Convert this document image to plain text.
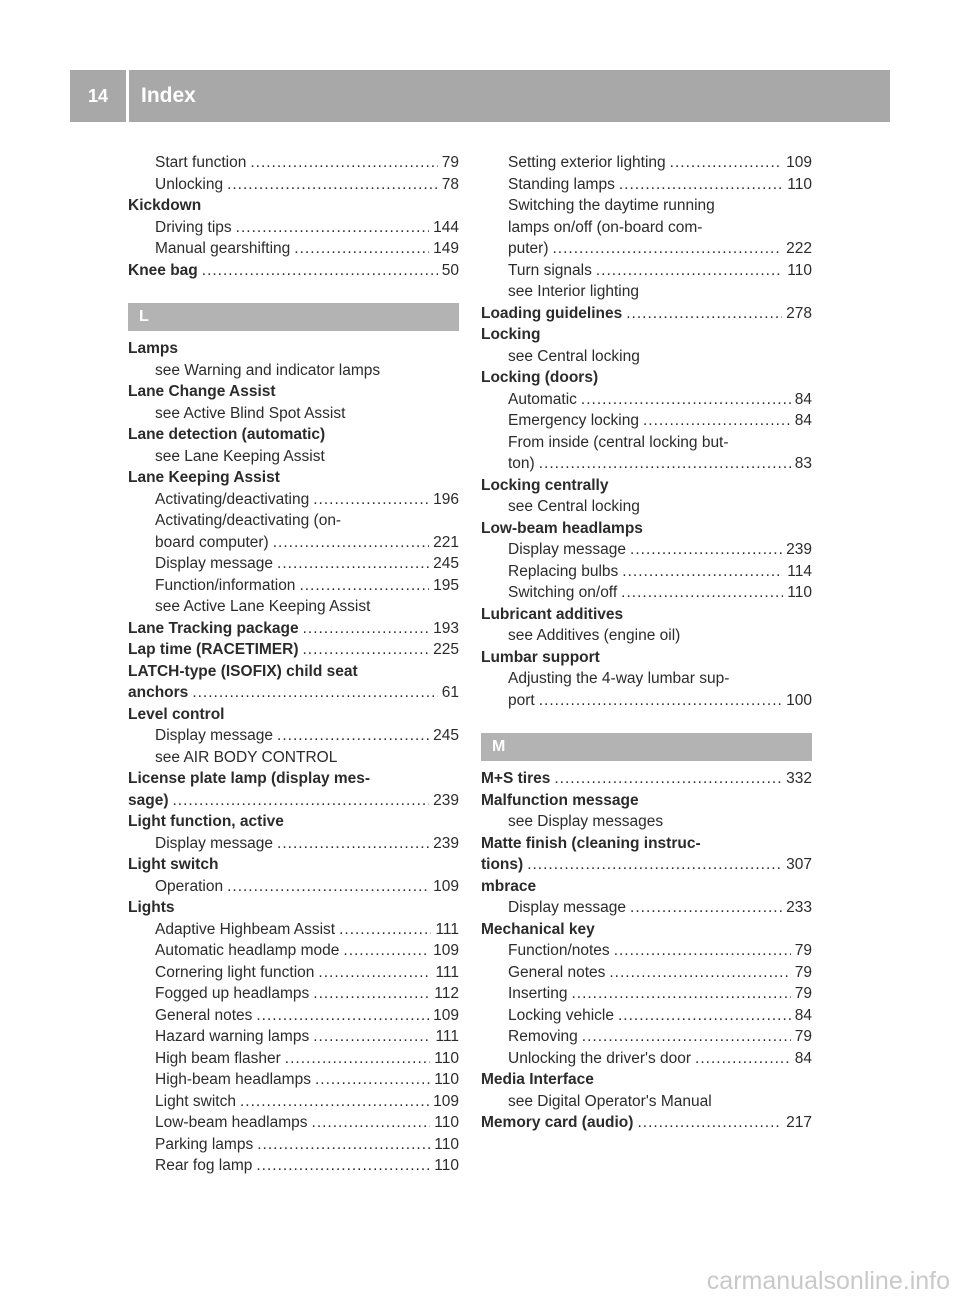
14	Index
Start function .....	79
Unlocking .....	78
Kickdown
Driving tips .....	144
Manual gearshifting .....	149
Knee bag .....	50
L
Lamps
see Warning and indicator lamps
Lane Change Assist
see Active Blind Spot Assist
Lane detection (automatic)
see Lane Keeping Assist
Lane Keeping Assist
Activating/deactivating .....	196
Activating/deactivating (on-
board computer) .....	221
Display message .....	245
Function/information .....	195
see Active Lane Keeping Assist
Lane Tracking package .....	193
Lap time (RACETIMER) .....	225
LATCH-type (ISOFIX) child seat
anchors .....	61
Level control
Display message .....	245
see AIR BODY CONTROL
License plate lamp (display mes-
sage) .....	239
Light function, active
Display message .....	239
Light switch
Operation .....	109
Lights
Adaptive Highbeam Assist .....	111
Automatic headlamp mode .....	109
Cornering light function .....	111
Fogged up headlamps .....	112
General notes .....	109
Hazard warning lamps .....	111
High beam flasher .....	110
High-beam headlamps .....	110
Light switch .....	109
Low-beam headlamps .....	110
Parking lamps .....	110
Rear fog lamp .....	110
Setting exterior lighting .....	109
Standing lamps .....	110
Switching the daytime running
lamps on/off (on-board com-
puter) .....	222
Turn signals .....	110
see Interior lighting
Loading guidelines .....	278
Locking
see Central locking
Locking (doors)
Automatic .....	84
Emergency locking .....	84
From inside (central locking but-
ton) .....	83
Locking centrally
see Central locking
Low-beam headlamps
Display message .....	239
Replacing bulbs .....	114
Switching on/off .....	110
Lubricant additives
see Additives (engine oil)
Lumbar support
Adjusting the 4-way lumbar sup-
port .....	100
M
M+S tires .....	332
Malfunction message
see Display messages
Matte finish (cleaning instruc-
tions) .....	307
mbrace
Display message .....	233
Mechanical key
Function/notes .....	79
General notes .....	79
Inserting .....	79
Locking vehicle .....	84
Removing .....	79
Unlocking the driver's door .....	84
Media Interface
see Digital Operator's Manual
Memory card (audio) .....	217
carmanualsonline.info
